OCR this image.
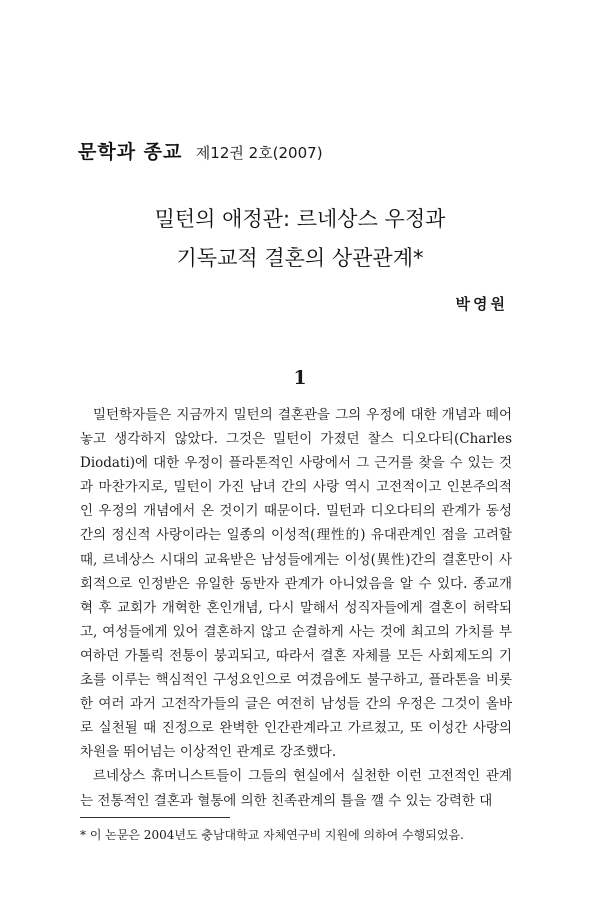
문학과 종교 제12권 2호(2007)
밀턴의 애정관: 르네상스 우정과
기독교적 결혼의 상관관계*
박영원
1

밀턴학자들은 지금까지 밀턴의 결혼관을 그의 우정에 대한 개념과 떼어놓고 생각하지 않았다. 그것은 밀턴이 가졌던 찰스 디오다티(Charles Diodati)에 대한 우정이 플라톤적인 사랑에서 그 근거를 찾을 수 있는 것과 마찬가지로, 밀턴이 가진 남녀 간의 사랑 역시 고전적이고 인본주의적인 우정의 개념에서 온 것이기 때문이다. 밀턴과 디오다티의 관계가 동성간의 정신적 사랑이라는 일종의 이성적(理性的) 유대관계인 점을 고려할 때, 르네상스 시대의 교육받은 남성들에게는 이성(異性)간의 결혼만이 사회적으로 인정받은 유일한 동반자 관계가 아니었음을 알 수 있다. 종교개혁 후 교회가 개혁한 혼인개념, 다시 말해서 성직자들에게 결혼이 허락되고, 여성들에게 있어 결혼하지 않고 순결하게 사는 것에 최고의 가치를 부여하던 가톨릭 전통이 붕괴되고, 따라서 결혼 자체를 모든 사회제도의 기초를 이루는 핵심적인 구성요인으로 여겼음에도 불구하고, 플라톤을 비롯한 여러 과거 고전작가들의 글은 여전히 남성들 간의 우정은 그것이 올바로 실천될 때 진정으로 완벽한 인간관계라고 가르쳤고, 또 이성간 사랑의 차원을 뛰어넘는 이상적인 관계로 강조했다.

르네상스 휴머니스트들이 그들의 현실에서 실천한 이런 고전적인 관계는 전통적인 결혼과 혈통에 의한 친족관계의 틀을 깰 수 있는 강력한 대

* 이 논문은 2004년도 충남대학교 자체연구비 지원에 의하여 수행되었음.
